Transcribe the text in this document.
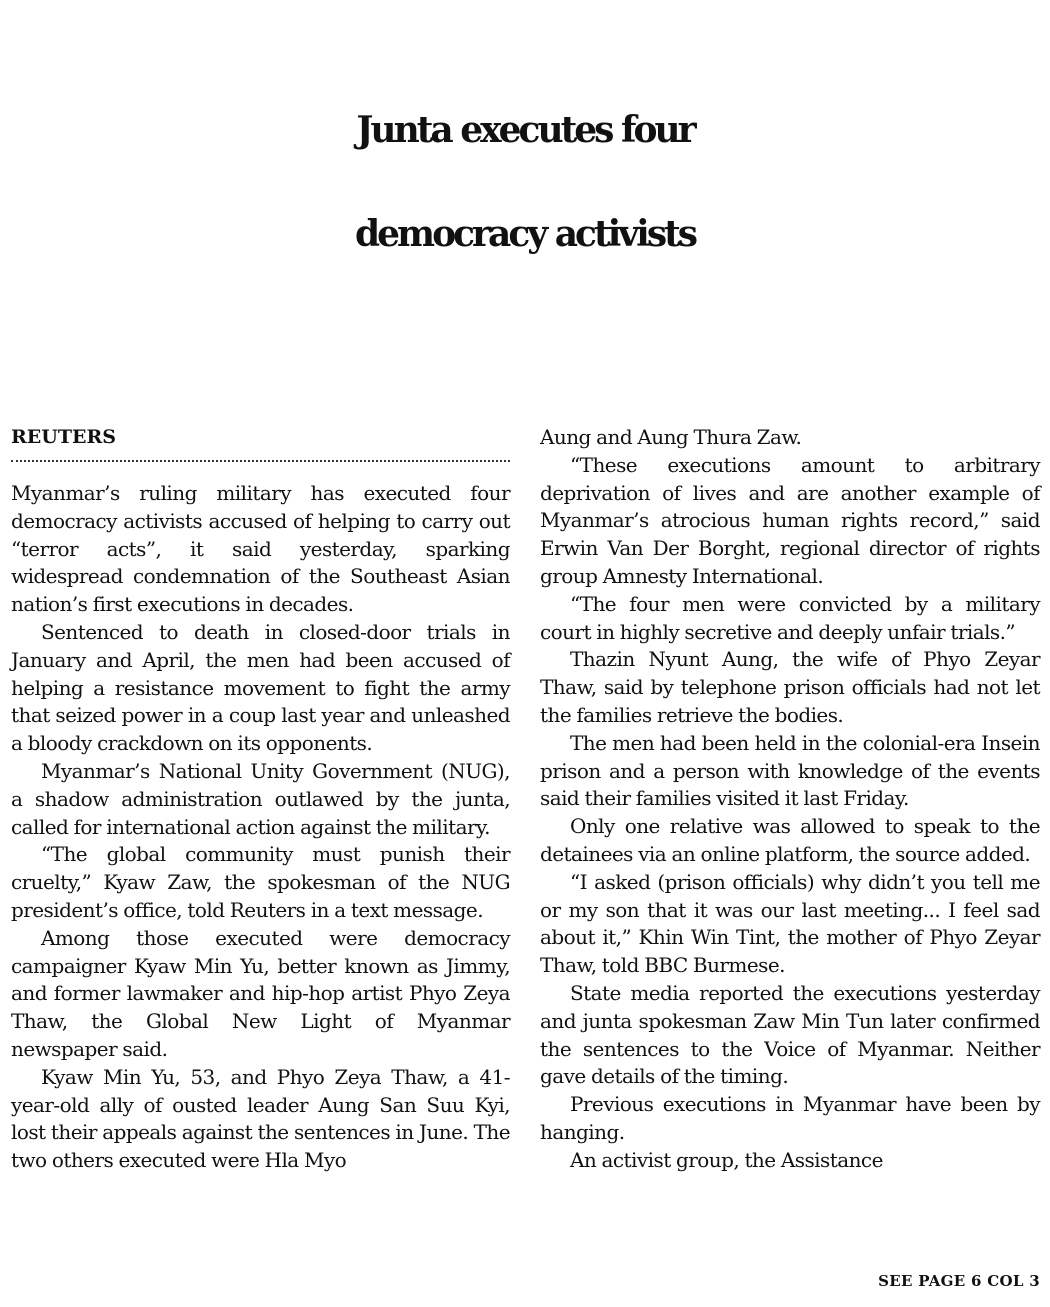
Junta executes four
democracy activists
REUTERS

Myanmar’s ruling military has executed four democracy activists accused of helping to carry out “terror acts”, it said yesterday, sparking widespread condemnation of the Southeast Asian nation’s first executions in decades.

Sentenced to death in closed-door trials in January and April, the men had been accused of helping a resistance movement to fight the army that seized power in a coup last year and unleashed a bloody crackdown on its opponents.

Myanmar’s National Unity Government (NUG), a shadow administration outlawed by the junta, called for international action against the military.

“The global community must punish their cruelty,” Kyaw Zaw, the spokesman of the NUG president’s office, told Reuters in a text message.

Among those executed were democracy campaigner Kyaw Min Yu, better known as Jimmy, and former lawmaker and hip-hop artist Phyo Zeya Thaw, the Global New Light of Myanmar newspaper said.

Kyaw Min Yu, 53, and Phyo Zeya Thaw, a 41-year-old ally of ousted leader Aung San Suu Kyi, lost their appeals against the sentences in June. The two others executed were Hla Myo

Aung and Aung Thura Zaw.

“These executions amount to arbitrary deprivation of lives and are another example of Myanmar’s atrocious human rights record,” said Erwin Van Der Borght, regional director of rights group Amnesty International.

“The four men were convicted by a military court in highly secretive and deeply unfair trials.”

Thazin Nyunt Aung, the wife of Phyo Zeyar Thaw, said by telephone prison officials had not let the families retrieve the bodies.

The men had been held in the colonial-era Insein prison and a person with knowledge of the events said their families visited it last Friday.

Only one relative was allowed to speak to the detainees via an online platform, the source added.

“I asked (prison officials) why didn’t you tell me or my son that it was our last meeting... I feel sad about it,” Khin Win Tint, the mother of Phyo Zeyar Thaw, told BBC Burmese.

State media reported the executions yesterday and junta spokesman Zaw Min Tun later confirmed the sentences to the Voice of Myanmar. Neither gave details of the timing.

Previous executions in Myanmar have been by hanging.

An activist group, the Assistance

SEE PAGE 6 COL 3
